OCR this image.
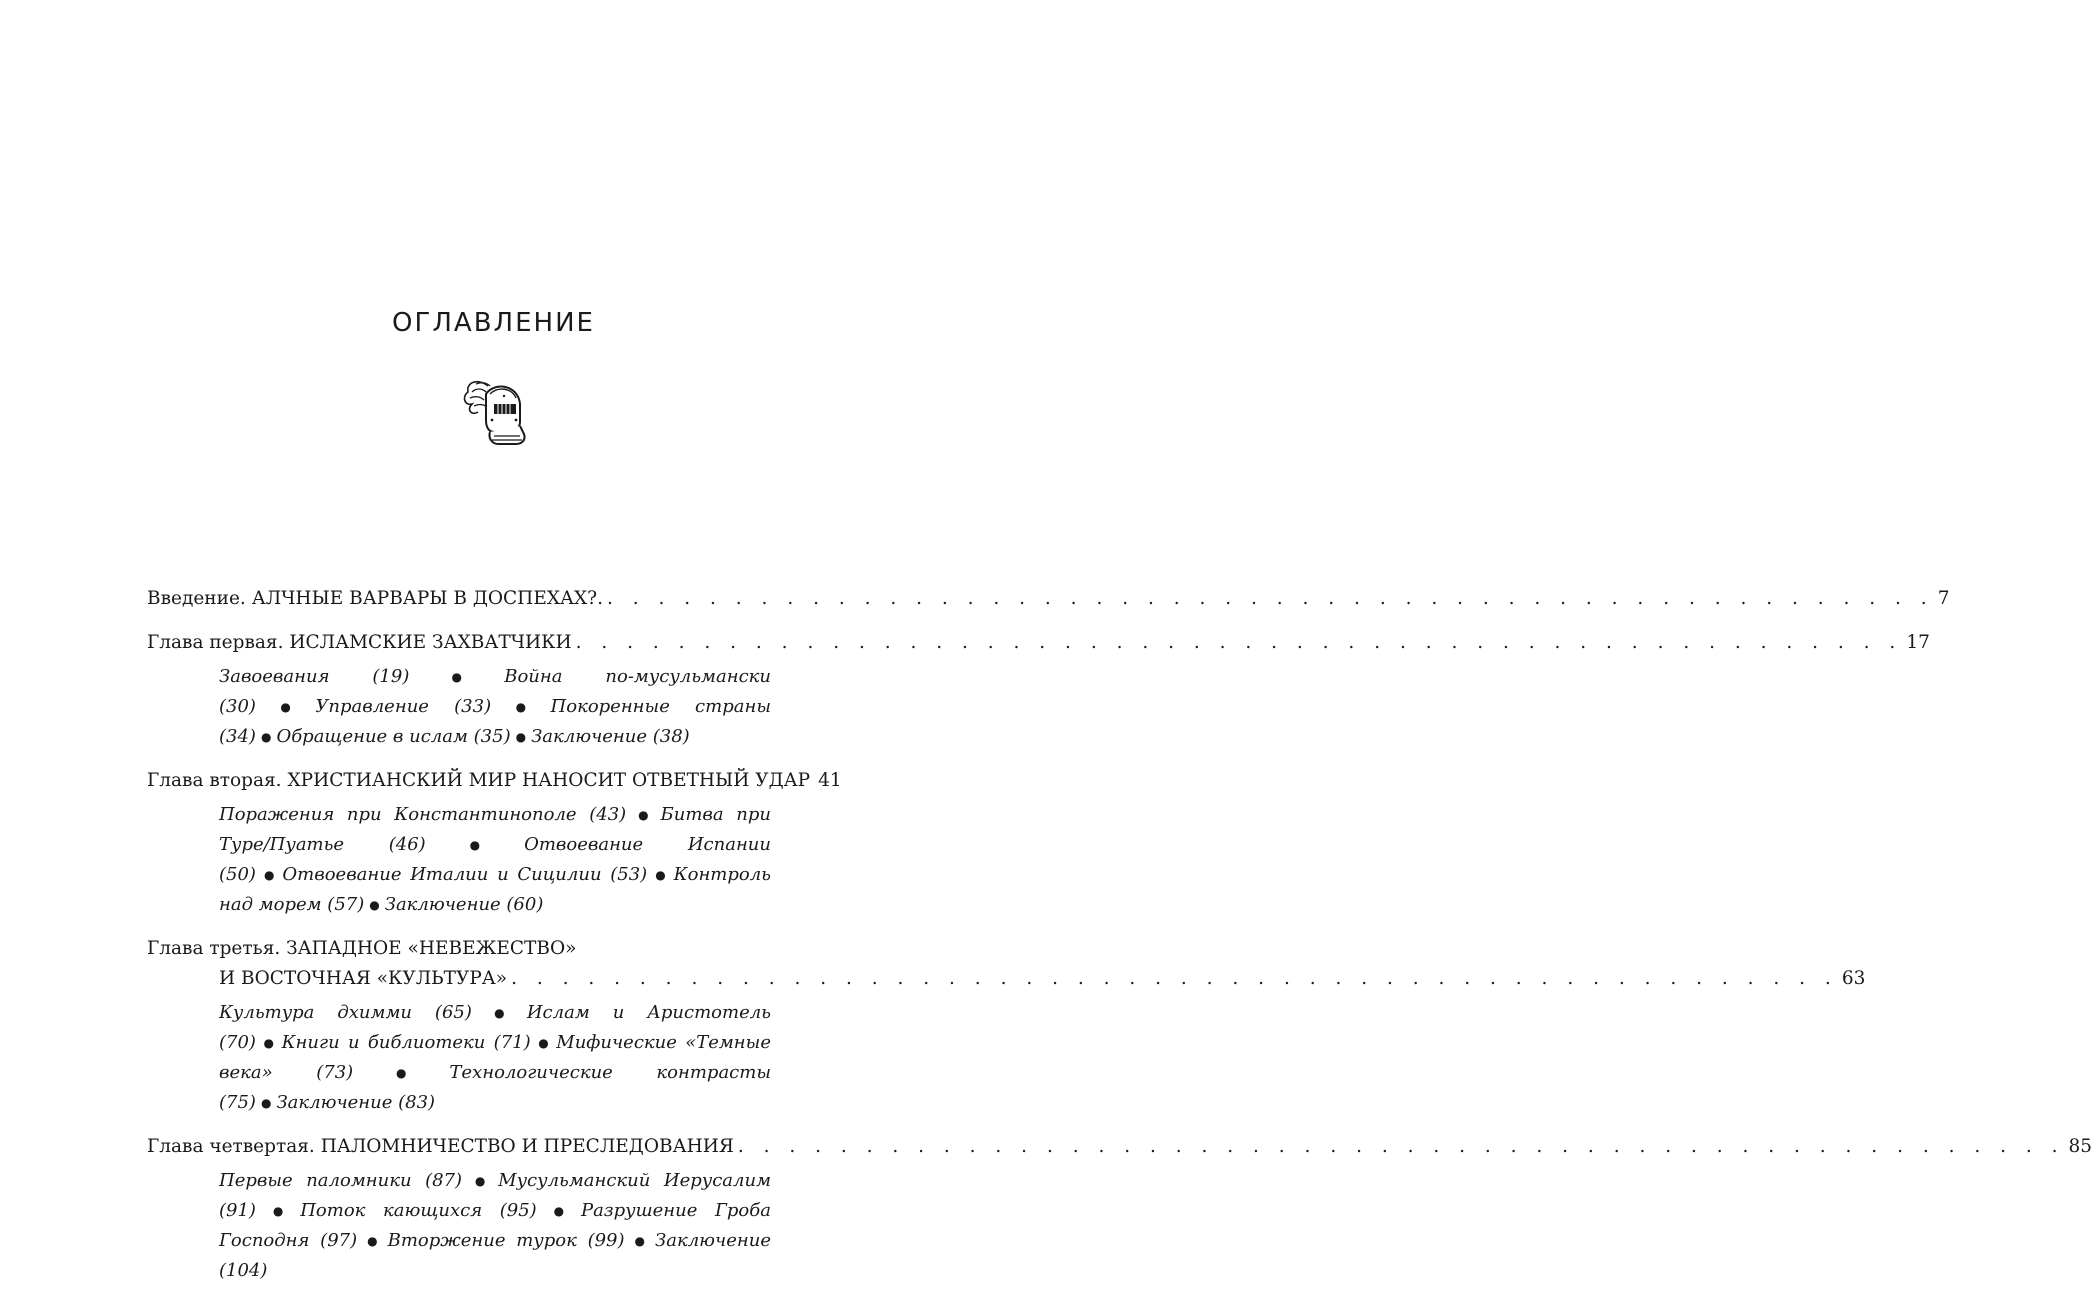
ОГЛАВЛЕНИЕ
Введение. АЛЧНЫЕ ВАРВАРЫ В ДОСПЕХАХ?. . . . . . . . . . . . . . . . . . . . . . . . . . . . . . . . . . . . . . . . . . . . . . . . . . . . . 7
Глава первая. ИСЛАМСКИЕ ЗАХВАТЧИКИ . . . . . . . . . . . . . . . . . . . . . . . . . . . . . . . . . . . . . . . . . . . . . . . . . . . . 17
Завоевания (19) ● Война по-мусульмански (30) ● Управление (33) ● Покоренные страны (34) ● Обращение в ислам (35) ● Заключение (38)
Глава вторая. ХРИСТИАНСКИЙ МИР НАНОСИТ ОТВЕТНЫЙ УДАР 41
Поражения при Константинополе (43) ● Битва при Туре/Пуатье (46) ● Отвоевание Испании (50) ● Отвоевание Италии и Сицилии (53) ● Контроль над морем (57) ● Заключение (60)
Глава третья. ЗАПАДНОЕ «НЕВЕЖЕСТВО»
И ВОСТОЧНАЯ «КУЛЬТУРА» . . . . . . . . . . . . . . . . . . . . . . . . . . . . . . . . . . . . . . . . . . . . . . . . . . . . 63
Культура дхимми (65) ● Ислам и Аристотель (70) ● Книги и библиотеки (71) ● Мифические «Темные века» (73) ● Технологические контрасты (75) ● Заключение (83)
Глава четвертая. ПАЛОМНИЧЕСТВО И ПРЕСЛЕДОВАНИЯ . . . . . . . . . . . . . . . . . . . . . . . . . . . . . . . . . . . . . . . . . . . . . . . . . . . . 85
Первые паломники (87) ● Мусульманский Иерусалим (91) ● Поток кающихся (95) ● Разрушение Гроба Господня (97) ● Вторжение турок (99) ● Заключение (104)
